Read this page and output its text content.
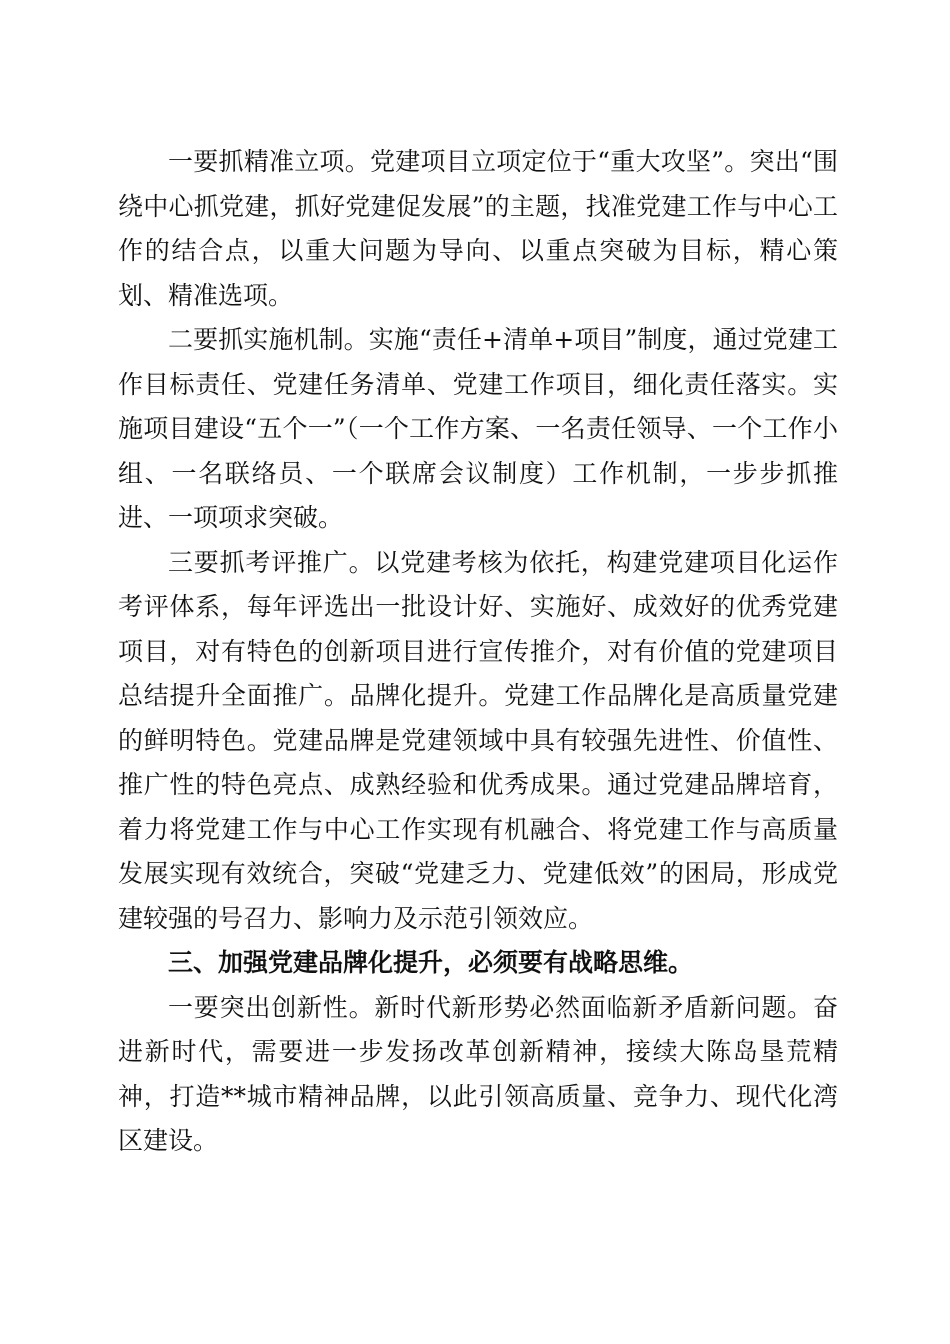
一要抓精准立项。党建项目立项定位于“重大攻坚”。突出“围绕中心抓党建，抓好党建促发展”的主题，找准党建工作与中心工作的结合点，以重大问题为导向、以重点突破为目标，精心策划、精准选项。

二要抓实施机制。实施“责任+清单+项目”制度，通过党建工作目标责任、党建任务清单、党建工作项目，细化责任落实。实施项目建设“五个一”（一个工作方案、一名责任领导、一个工作小组、一名联络员、一个联席会议制度）工作机制，一步步抓推进、一项项求突破。

三要抓考评推广。以党建考核为依托，构建党建项目化运作考评体系，每年评选出一批设计好、实施好、成效好的优秀党建项目，对有特色的创新项目进行宣传推介，对有价值的党建项目总结提升全面推广。品牌化提升。党建工作品牌化是高质量党建的鲜明特色。党建品牌是党建领域中具有较强先进性、价值性、推广性的特色亮点、成熟经验和优秀成果。通过党建品牌培育，着力将党建工作与中心工作实现有机融合、将党建工作与高质量发展实现有效统合，突破“党建乏力、党建低效”的困局，形成党建较强的号召力、影响力及示范引领效应。

三、加强党建品牌化提升，必须要有战略思维。

一要突出创新性。新时代新形势必然面临新矛盾新问题。奋进新时代，需要进一步发扬改革创新精神，接续大陈岛垦荒精神，打造**城市精神品牌，以此引领高质量、竞争力、现代化湾区建设。
